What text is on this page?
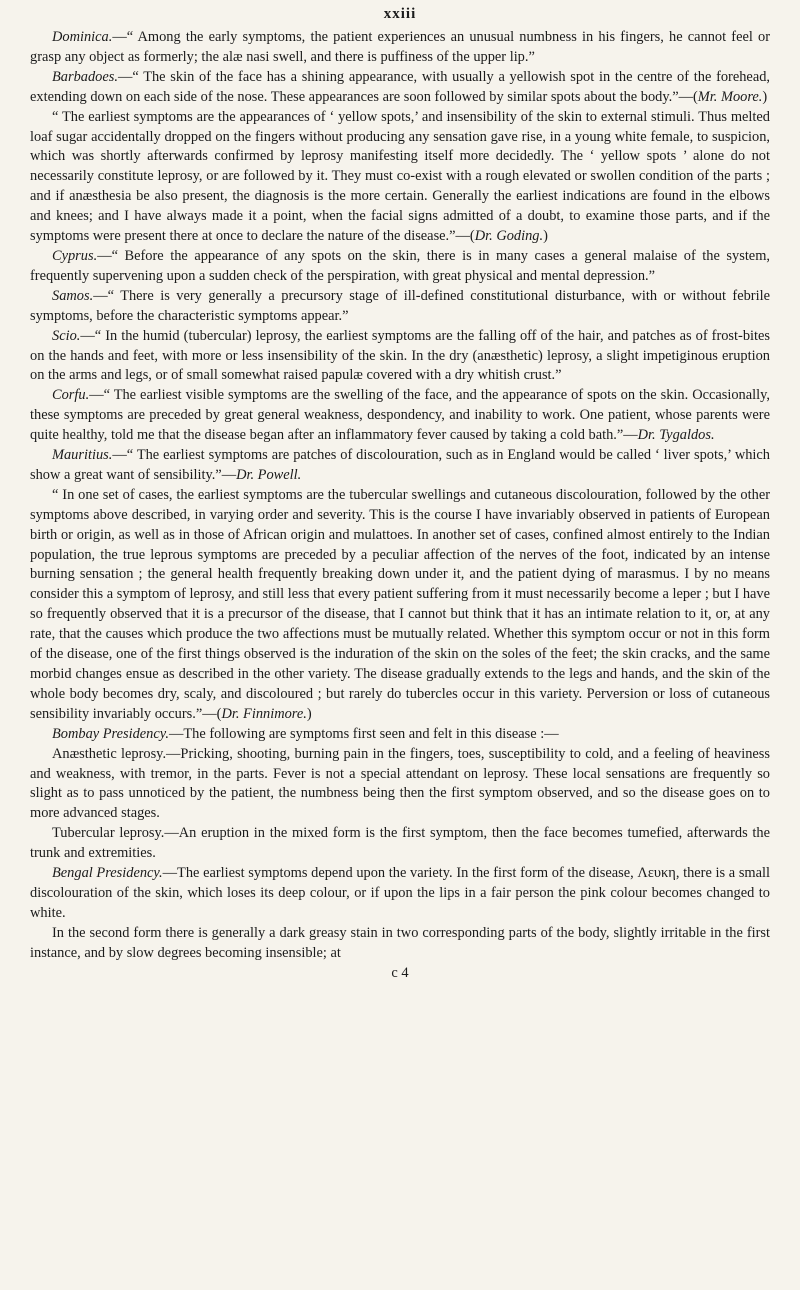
xxiii

Dominica.—“ Among the early symptoms, the patient experiences an unusual numbness in his fingers, he cannot feel or grasp any object as formerly; the alæ nasi swell, and there is puffiness of the upper lip.”

Barbadoes.—“ The skin of the face has a shining appearance, with usually a yellowish spot in the centre of the forehead, extending down on each side of the nose. These appearances are soon followed by similar spots about the body.”—(Mr. Moore.)

“ The earliest symptoms are the appearances of ‘ yellow spots,’ and insensibility of the skin to external stimuli. Thus melted loaf sugar accidentally dropped on the fingers without producing any sensation gave rise, in a young white female, to suspicion, which was shortly afterwards confirmed by leprosy manifesting itself more decidedly. The ‘ yellow spots ’ alone do not necessarily constitute leprosy, or are followed by it. They must co-exist with a rough elevated or swollen condition of the parts ; and if anæsthesia be also present, the diagnosis is the more certain. Generally the earliest indications are found in the elbows and knees; and I have always made it a point, when the facial signs admitted of a doubt, to examine those parts, and if the symptoms were present there at once to declare the nature of the disease.”—(Dr. Goding.)

Cyprus.—“ Before the appearance of any spots on the skin, there is in many cases a general malaise of the system, frequently supervening upon a sudden check of the perspiration, with great physical and mental depression.”

Samos.—“ There is very generally a precursory stage of ill-defined constitutional disturbance, with or without febrile symptoms, before the characteristic symptoms appear.”

Scio.—“ In the humid (tubercular) leprosy, the earliest symptoms are the falling off of the hair, and patches as of frost-bites on the hands and feet, with more or less insensibility of the skin. In the dry (anæsthetic) leprosy, a slight impetiginous eruption on the arms and legs, or of small somewhat raised papulæ covered with a dry whitish crust.”

Corfu.—“ The earliest visible symptoms are the swelling of the face, and the appearance of spots on the skin. Occasionally, these symptoms are preceded by great general weakness, despondency, and inability to work. One patient, whose parents were quite healthy, told me that the disease began after an inflammatory fever caused by taking a cold bath.”—Dr. Tygaldos.

Mauritius.—“ The earliest symptoms are patches of discolouration, such as in England would be called ‘ liver spots,’ which show a great want of sensibility.”—Dr. Powell.

“ In one set of cases, the earliest symptoms are the tubercular swellings and cutaneous discolouration, followed by the other symptoms above described, in varying order and severity. This is the course I have invariably observed in patients of European birth or origin, as well as in those of African origin and mulattoes. In another set of cases, confined almost entirely to the Indian population, the true leprous symptoms are preceded by a peculiar affection of the nerves of the foot, indicated by an intense burning sensation ; the general health frequently breaking down under it, and the patient dying of marasmus. I by no means consider this a symptom of leprosy, and still less that every patient suffering from it must necessarily become a leper ; but I have so frequently observed that it is a precursor of the disease, that I cannot but think that it has an intimate relation to it, or, at any rate, that the causes which produce the two affections must be mutually related. Whether this symptom occur or not in this form of the disease, one of the first things observed is the induration of the skin on the soles of the feet; the skin cracks, and the same morbid changes ensue as described in the other variety. The disease gradually extends to the legs and hands, and the skin of the whole body becomes dry, scaly, and discoloured ; but rarely do tubercles occur in this variety. Perversion or loss of cutaneous sensibility invariably occurs.”—(Dr. Finnimore.)

Bombay Presidency.—The following are symptoms first seen and felt in this disease :—

Anæsthetic leprosy.—Pricking, shooting, burning pain in the fingers, toes, susceptibility to cold, and a feeling of heaviness and weakness, with tremor, in the parts. Fever is not a special attendant on leprosy. These local sensations are frequently so slight as to pass unnoticed by the patient, the numbness being then the first symptom observed, and so the disease goes on to more advanced stages.

Tubercular leprosy.—An eruption in the mixed form is the first symptom, then the face becomes tumefied, afterwards the trunk and extremities.

Bengal Presidency.—The earliest symptoms depend upon the variety. In the first form of the disease, Λευκη, there is a small discolouration of the skin, which loses its deep colour, or if upon the lips in a fair person the pink colour becomes changed to white.

In the second form there is generally a dark greasy stain in two corresponding parts of the body, slightly irritable in the first instance, and by slow degrees becoming insensible; at

c 4
